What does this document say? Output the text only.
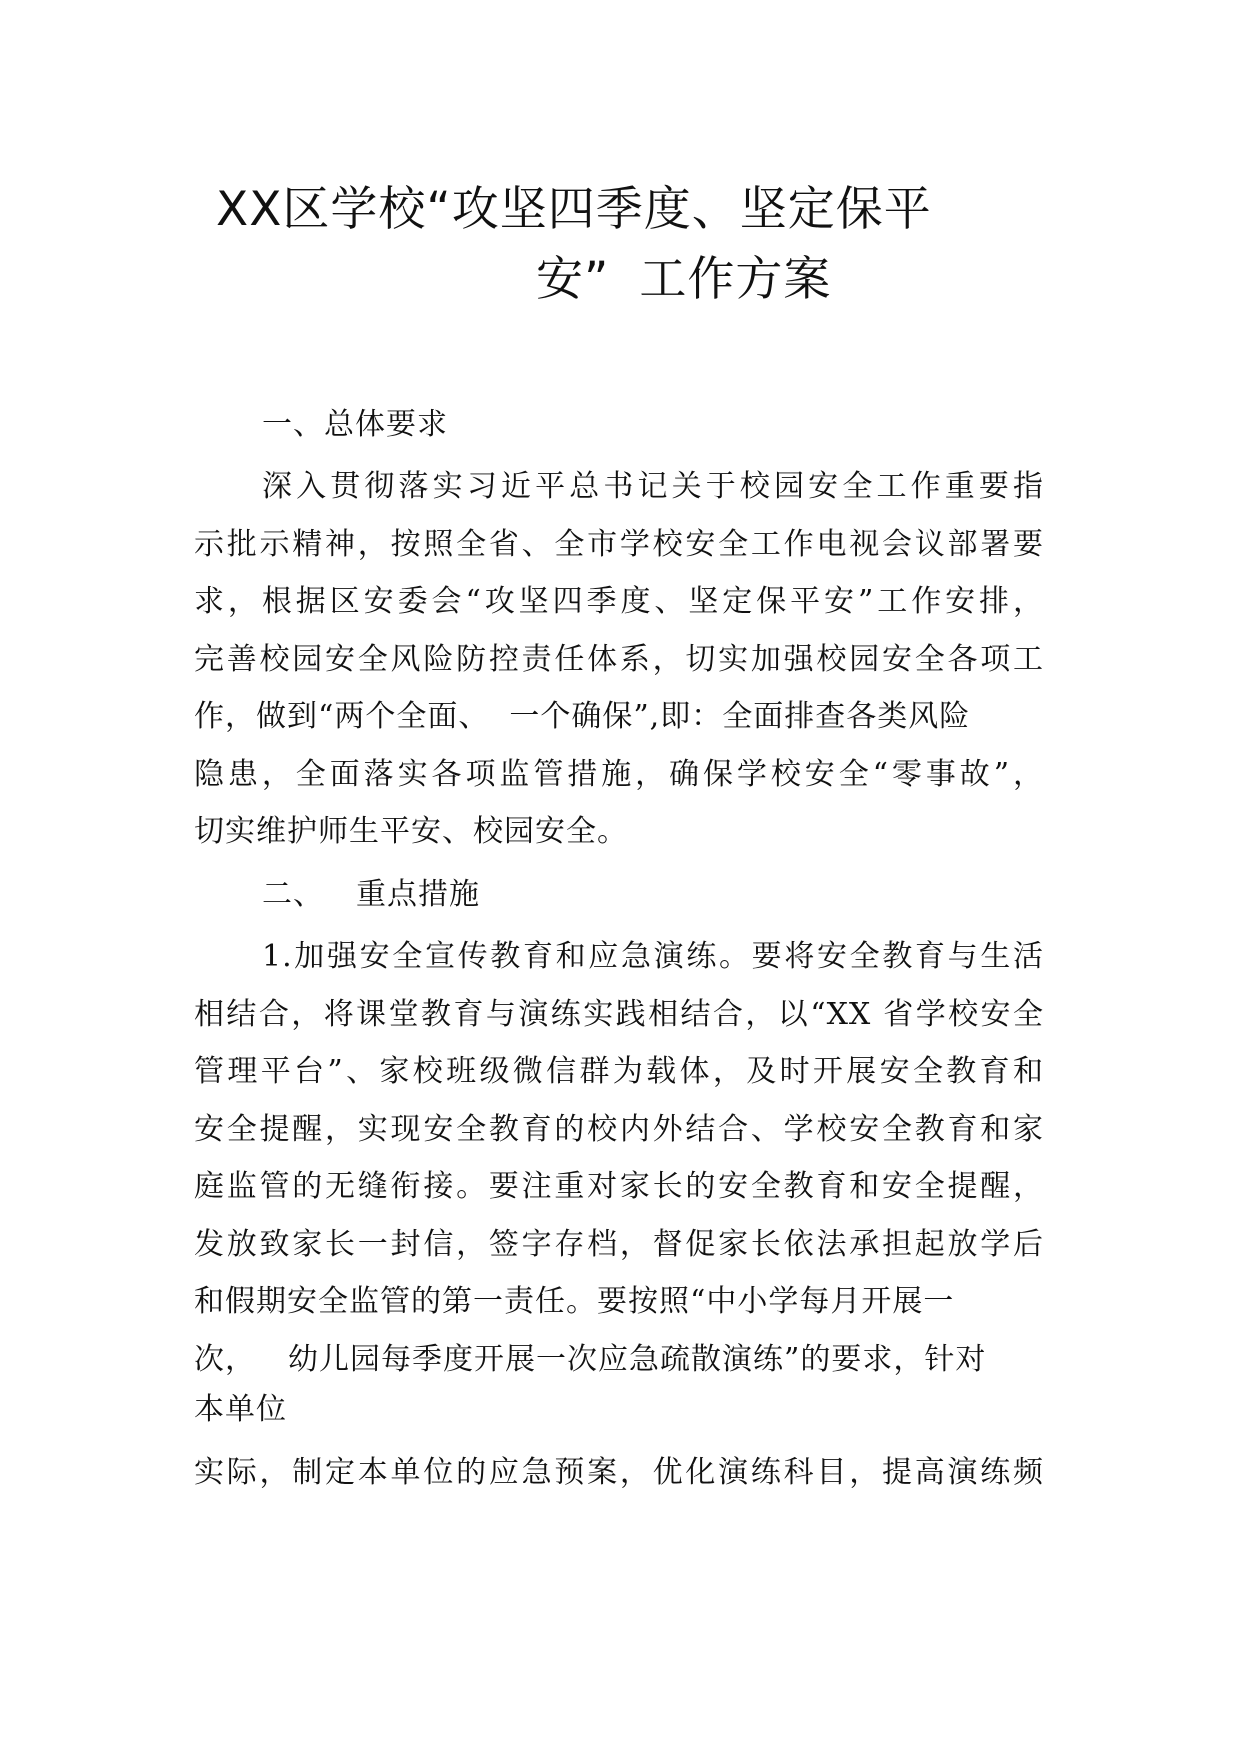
XX区学校“攻坚四季度、坚定保平
安” 工作方案
一、总体要求
深入贯彻落实习近平总书记关于校园安全工作重要指
示批示精神，按照全省、全市学校安全工作电视会议部署要
求，根据区安委会“攻坚四季度、坚定保平安”工作安排，
完善校园安全风险防控责任体系，切实加强校园安全各项工
作，做到“两个全面、 一个确保”,即：全面排查各类风险
隐患，全面落实各项监管措施，确保学校安全“零事故”，
切实维护师生平安、校园安全。
二、 重点措施
1.加强安全宣传教育和应急演练。要将安全教育与生活
相结合，将课堂教育与演练实践相结合，以“XX 省学校安全
管理平台”、家校班级微信群为载体，及时开展安全教育和
安全提醒，实现安全教育的校内外结合、学校安全教育和家
庭监管的无缝衔接。要注重对家长的安全教育和安全提醒，
发放致家长一封信，签字存档，督促家长依法承担起放学后
和假期安全监管的第一责任。要按照“中小学每月开展一
次， 幼儿园每季度开展一次应急疏散演练”的要求，针对
本单位
实际，制定本单位的应急预案，优化演练科目，提高演练频
